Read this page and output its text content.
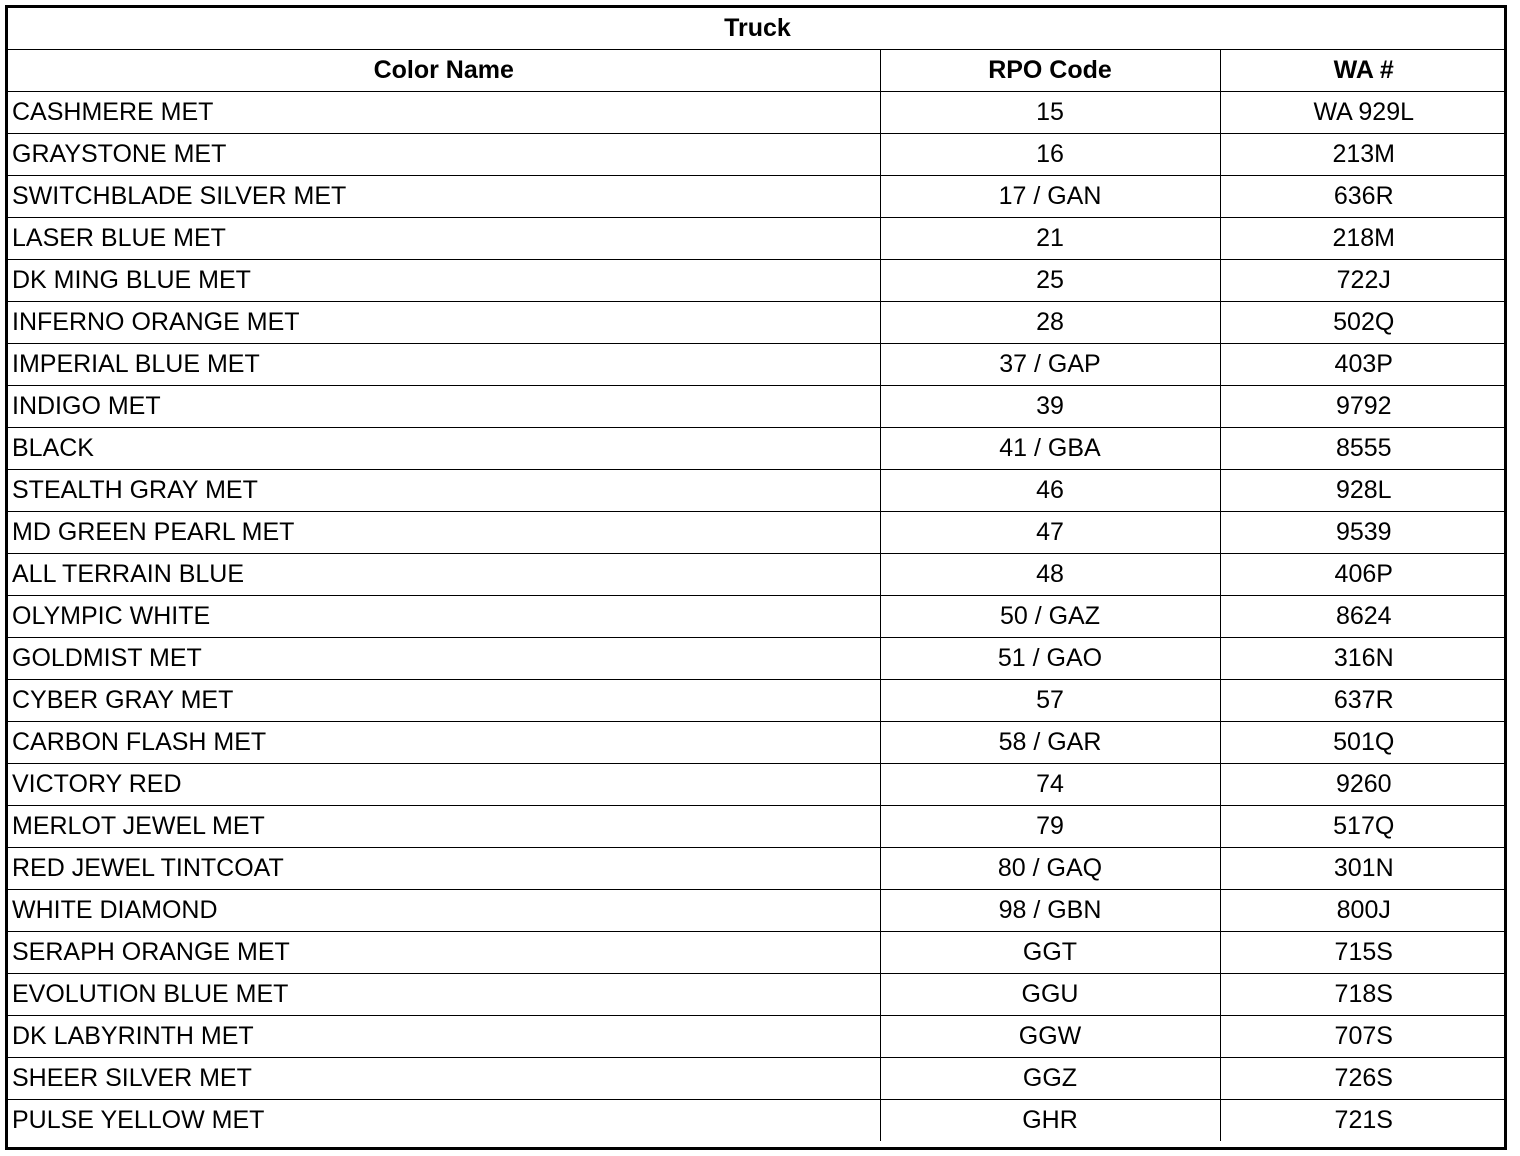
Truck		
Color Name	RPO Code	WA #
CASHMERE MET	15	WA 929L
GRAYSTONE MET	16	213M
SWITCHBLADE SILVER MET	17 / GAN	636R
LASER BLUE MET	21	218M
DK MING BLUE MET	25	722J
INFERNO ORANGE MET	28	502Q
IMPERIAL BLUE MET	37 / GAP	403P
INDIGO MET	39	9792
BLACK	41 / GBA	8555
STEALTH GRAY MET	46	928L
MD GREEN PEARL MET	47	9539
ALL TERRAIN BLUE	48	406P
OLYMPIC WHITE	50 / GAZ	8624
GOLDMIST MET	51 / GAO	316N
CYBER GRAY MET	57	637R
CARBON FLASH MET	58 / GAR	501Q
VICTORY RED	74	9260
MERLOT JEWEL MET	79	517Q
RED JEWEL TINTCOAT	80 / GAQ	301N
WHITE DIAMOND	98 / GBN	800J
SERAPH ORANGE MET	GGT	715S
EVOLUTION BLUE MET	GGU	718S
DK LABYRINTH MET	GGW	707S
SHEER SILVER MET	GGZ	726S
PULSE YELLOW MET	GHR	721S
